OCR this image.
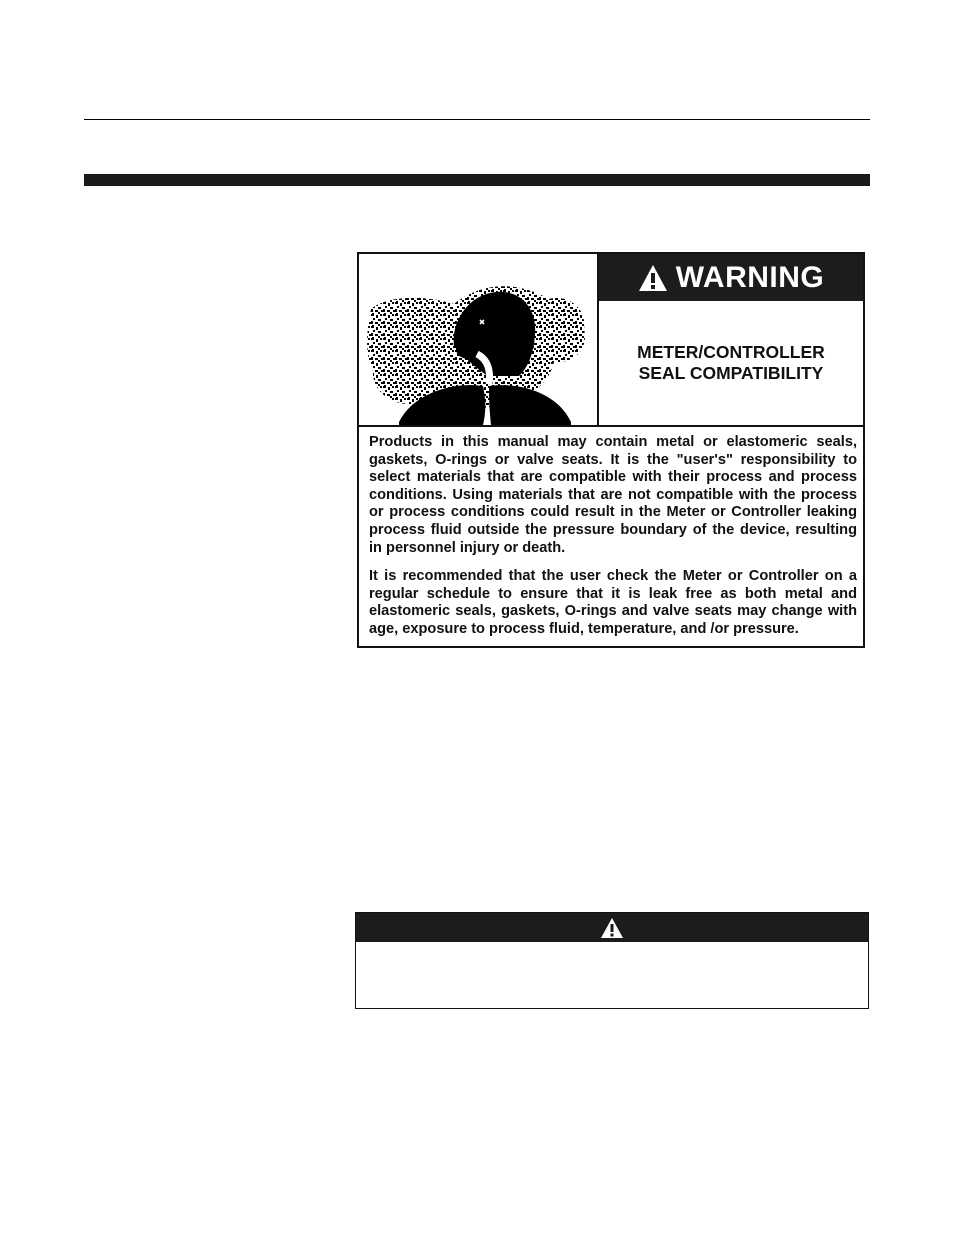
WARNING
METER/CONTROLLER
SEAL COMPATIBILITY

Products in this manual may contain metal or elastomeric seals, gaskets, O-rings or valve seats. It is the "user's" responsibility to select materials that are compatible with their process and process conditions. Using materials that are not compatible with the process or process conditions could result in the Meter or Controller leaking process fluid outside the pressure boundary of the device, resulting in personnel injury or death.

It is recommended that the user check the Meter or Controller on a regular schedule to ensure that it is leak free as both metal and elastomeric seals, gaskets, O-rings and valve seats may change with age, exposure to process fluid, temperature, and /or pressure.
